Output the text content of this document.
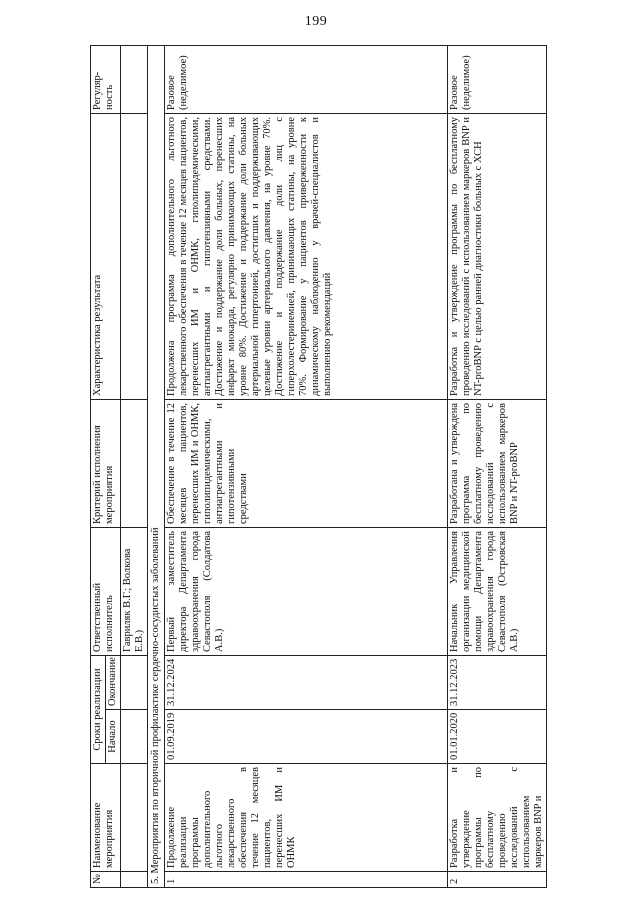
199
№	Наименование мероприятия	Сроки реализации		Ответственный исполнитель	Критерий исполнения мероприятия	Характеристика результата	Регуляр-ность
		Начало	Окончание				
				Гавриляк В.Г.; Волкова Е.В.)			
5. Мероприятия по вторичной профилактике сердечно-сосудистых заболеваний							
1	Продолжение реализации программы дополнительного льготного лекарственного обеспечения в течение 12 месяцев пациентов, перенесших ИМ и ОНМК	01.09.2019	31.12.2024	Первый заместитель директора Департамента здравоохранения города Севастополя (Солдатова А.В.)	Обеспечение в течение 12 месяцев пациентов, перенесших ИМ и ОНМК, гиполипидемическими, антиагрегантными и гипотензивными средствами	Продолжена программа дополнительного льготного лекарственного обеспечения в течение 12 месяцев пациентов, перенесших ИМ и ОНМК, гиполипидемическими, антиагрегантными и гипотензивными средствами. Достижение и поддержание доли больных, перенесших инфаркт миокарда, регулярно принимающих статины, на уровне 80%. Достижение и поддержание доли больных артериальной гипертонией, достигших и поддерживающих целевые уровни артериального давления, на уровне 70%. Достижение и поддержание доли лиц с гиперхолестеринемией, принимающих статины, на уровне 70%. Формирование у пациентов приверженности к динамическому наблюдению у врачей-специалистов и выполнению рекомендаций	Разовое (неделимое)
2	Разработка и утверждение программы по бесплатному проведению исследований с использованием маркеров BNP и	01.01.2020	31.12.2023	Начальник Управления организации медицинской помощи Департамента здравоохранения города Севастополя (Островская А.В.)	Разработана и утверждена программа по бесплатному проведению исследований с использованием маркеров BNP и NT-proBNP	Разработка и утверждение программы по бесплатному проведению исследований с использованием маркеров BNP и NT-proBNP с целью ранней диагностики больных с ХСН	Разовое (неделимое)
